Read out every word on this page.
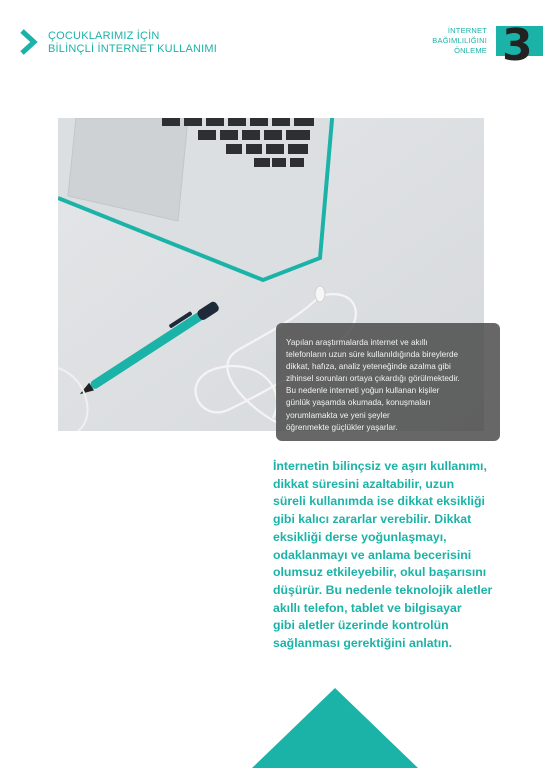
ÇOCUKLARIMIZ İÇİN
BİLİNÇLİ İNTERNET KULLANIMI
İNTERNET
BAĞIMLILIĞINI
ÖNLEME 3
Yapılan araştırmalarda internet ve akıllı
telefonların uzun süre kullanıldığında bireylerde
dikkat, hafıza, analiz yeteneğinde azalma gibi
zihinsel sorunları ortaya çıkardığı görülmektedir.
Bu nedenle interneti yoğun kullanan kişiler
günlük yaşamda okumada, konuşmaları
yorumlamakta ve yeni şeyler
öğrenmekte güçlükler yaşarlar.
İnternetin bilinçsiz ve aşırı kullanımı,
dikkat süresini azaltabilir, uzun
süreli kullanımda ise dikkat eksikliği
gibi kalıcı zararlar verebilir. Dikkat
eksikliği derse yoğunlaşmayı,
odaklanmayı ve anlama becerisini
olumsuz etkileyebilir, okul başarısını
düşürür. Bu nedenle teknolojik aletler
akıllı telefon, tablet ve bilgisayar
gibi aletler üzerinde kontrolün
sağlanması gerektiğini anlatın.
